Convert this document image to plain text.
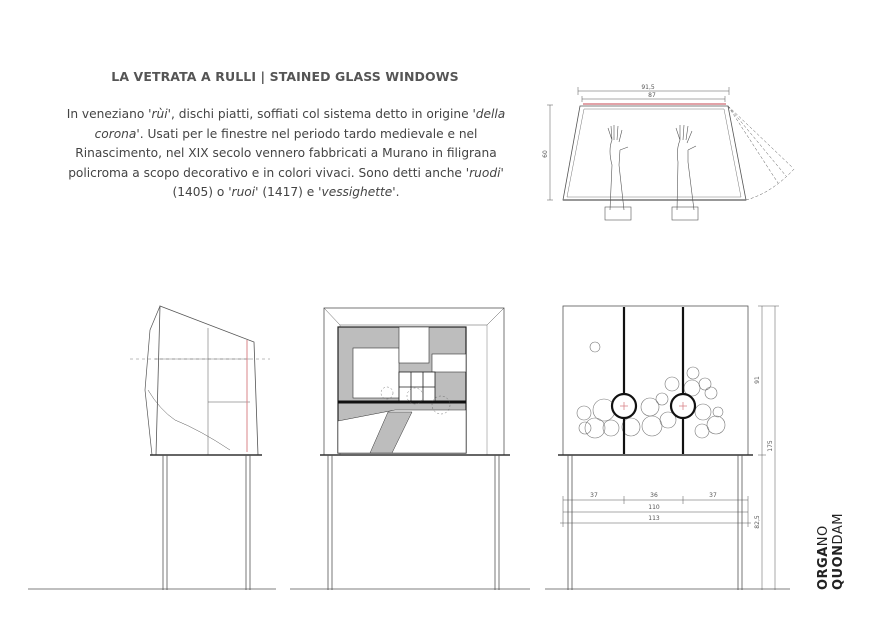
LA VETRATA A RULLI | STAINED GLASS WINDOWS
In veneziano 'rùi', dischi piatti, soffiati col sistema detto in origine 'della corona'. Usati per le finestre nel periodo tardo medievale e nel Rinascimento, nel XIX secolo vennero fabbricati a Murano in filigrana policroma a scopo decorativo e in colori vivaci. Sono detti anche 'ruodi' (1405) o 'ruoi' (1417) e 'vessighette'.
91,5
87
60
37	36	37
110
113
91
175
82,5
ORGANO
QUONDAM
